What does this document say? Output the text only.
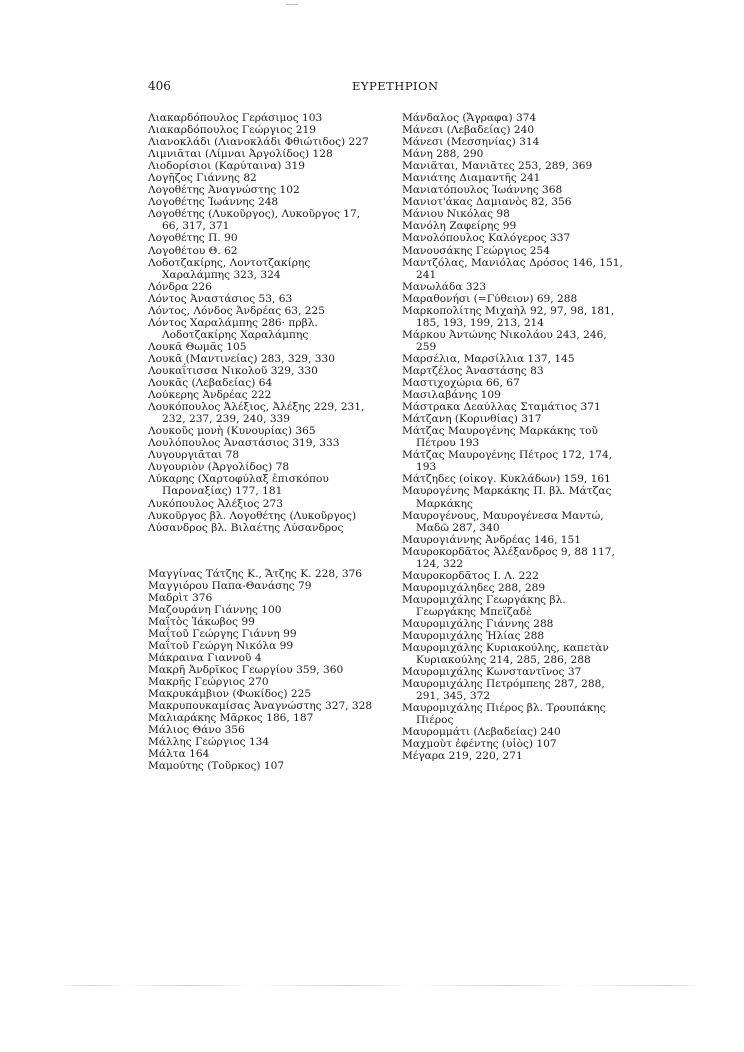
406	ΕΥΡΕΤΗΡΙΟΝ
Λιακαρδόπουλος Γεράσιμος 103
Λιακαρδόπουλος Γεώργιος 219
Λιανοκλάδι (Λιανοκλάδι Φθιώτιδος) 227
Λιμνιᾶται (Λίμναι Ἀργολίδος) 128
Λιοδορίσιοι (Καρύταινα) 319
Λογῆζος Γιάννης 82
Λογοθέτης Ἀναγνώστης 102
Λογοθέτης Ἰωάννης 248
Λογοθέτης (Λυκοῦργος), Λυκοῦργος 17, 66, 317, 371
Λογοθέτης Π. 90
Λογοθέτου Θ. 62
Λοδοτζακίρης, Λοντοτζακίρης Χαραλάμπης 323, 324
Λόνδρα 226
Λόντος Ἀναστάσιος 53, 63
Λόντος, Λόνδος Ἀνδρέας 63, 225
Λόντος Χαραλάμπης 286· πρβλ. Λοδοτζακίρης Χαραλάμπης
Λουκᾶ Θωμᾶς 105
Λουκᾶ (Μαντινείας) 283, 329, 330
Λουκαΐτισσα Νικολοῦ 329, 330
Λουκᾶς (Λεβαδείας) 64
Λούκερης Ἀνδρέας 222
Λουκόπουλος Ἀλέξιος, Ἀλέξης 229, 231, 232, 237, 239, 240, 339
Λουκοῦς μονὴ (Κυνουρίας) 365
Λουλόπουλος Ἀναστάσιος 319, 333
Λυγουργιᾶται 78
Λυγουριὸν (Ἀργολίδος) 78
Λύκαρης (Χαρτοφύλαξ ἐπισκόπου Παροναξίας) 177, 181
Λυκόπουλος Ἀλέξιος 273
Λυκοῦργος βλ. Λογοθέτης (Λυκοῦργος)
Λύσανδρος βλ. Βιλαέτης Λύσανδρος
Μαγγίνας Τάτζης Κ., Ἄτζης Κ. 228, 376
Μαγγιόρου Παπα-Θανάσης 79
Μαδρὶτ 376
Μαζουράνη Γιάννης 100
Μαΐτὸς Ἰάκωβος 99
Μαΐτοῦ Γεώργης Γιάννη 99
Μαΐτοῦ Γεώργη Νικόλα 99
Μάκραινα Γιαννοῦ 4
Μακρῆ Ἀνδρῖκος Γεωργίου 359, 360
Μακρῆς Γεώργιος 270
Μακρυκάμβιον (Φωκίδος) 225
Μακρυπουκαμίσας Ἀναγνώστης 327, 328
Μαλιαράκης Μᾶρκος 186, 187
Μάλιος Θάνο 356
Μάλλης Γεώργιος 134
Μάλτα 164
Μαμούτης (Τοῦρκος) 107
Μάνδαλος (Ἄγραφα) 374
Μάνεσι (Λεβαδείας) 240
Μάνεσι (Μεσσηνίας) 314
Μάνη 288, 290
Μανιᾶται, Μανιᾶτες 253, 289, 369
Μανιάτης Διαμαντῆς 241
Μανιατόπουλος Ἰωάννης 368
Μανιοτ'άκας Δαμιανὸς 82, 356
Μάνιου Νικόλας 98
Μανόλη Ζαφείρης 99
Μανολόπουλος Καλόγερος 337
Μανουσάκης Γεώργιος 254
Μαντζόλας, Μανιόλας Δρόσος 146, 151, 241
Μανωλάδα 323
Μαραθονήσι (=Γύθειον) 69, 288
Μαρκοπολίτης Μιχαὴλ 92, 97, 98, 181, 185, 193, 199, 213, 214
Μάρκου Ἀντώνης Νικολάου 243, 246, 259
Μαρσέλια, Μαρσίλλια 137, 145
Μαρτζέλος Ἀναστάσης 83
Μαστιχοχώρια 66, 67
Μασιλαβάνης 109
Μάστρακα Δεαύλλας Σταμάτιος 371
Μάτζανη (Κορινθίας) 317
Μάτζας Μαυρογένης Μαρκάκης τοῦ Πέτρου 193
Μάτζας Μαυρογένης Πέτρος 172, 174, 193
Μάτζηδες (οἰκογ. Κυκλάδων) 159, 161
Μαυρογένης Μαρκάκης Π. βλ. Μάτζας Μαρκάκης
Μαυρογένους, Μαυρογένεσα Μαντώ, Μαδῶ 287, 340
Μαυρογιάννης Ἀνδρέας 146, 151
Μαυροκορδᾶτος Ἀλέξανδρος 9, 88 117, 124, 322
Μαυροκορδᾶτος Ι. Λ. 222
Μαυρομιχάληδες 288, 289
Μαυρομιχάλης Γεωργάκης βλ. Γεωργάκης Μπεϊζαδὲ
Μαυρομιχάλης Γιάννης 288
Μαυρομιχάλης Ἠλίας 288
Μαυρομιχάλης Κυριακούλης, καπετὰν Κυριακούλης 214, 285, 286, 288
Μαυρομιχάλης Κωνσταντῖνος 37
Μαυρομιχάλης Πετρόμπεης 287, 288, 291, 345, 372
Μαυρομιχάλης Πιέρος βλ. Τρουπάκης Πιέρος
Μαυρομμάτι (Λεβαδείας) 240
Μαχμοὺτ ἐφέντης (υἱὸς) 107
Μέγαρα 219, 220, 271
